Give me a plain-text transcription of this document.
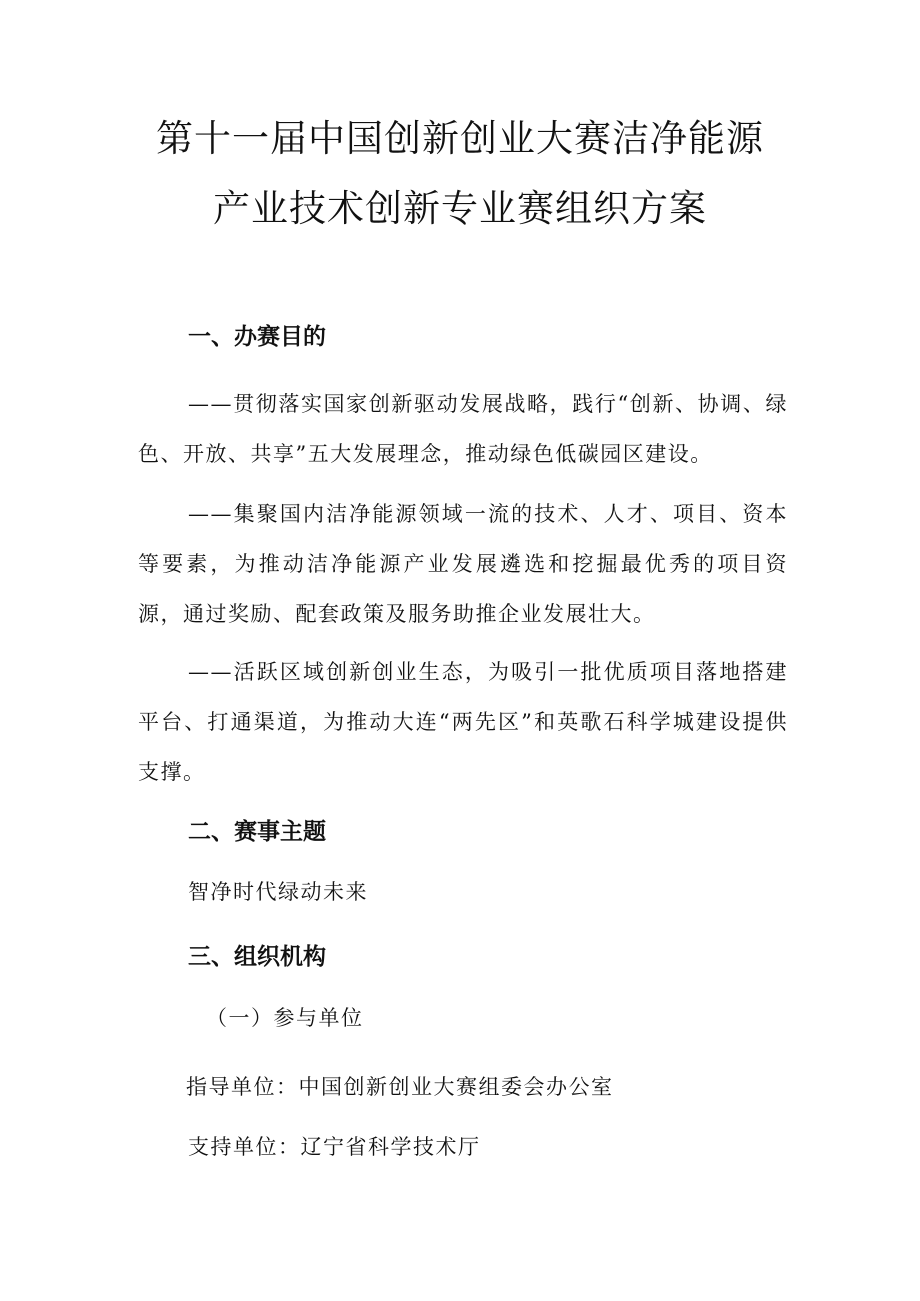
第十一届中国创新创业大赛洁净能源
产业技术创新专业赛组织方案
一、办赛目的

——贯彻落实国家创新驱动发展战略，践行“创新、协调、绿色、开放、共享”五大发展理念，推动绿色低碳园区建设。

——集聚国内洁净能源领域一流的技术、人才、项目、资本等要素，为推动洁净能源产业发展遴选和挖掘最优秀的项目资源，通过奖励、配套政策及服务助推企业发展壮大。

——活跃区域创新创业生态，为吸引一批优质项目落地搭建平台、打通渠道，为推动大连“两先区”和英歌石科学城建设提供支撑。

二、赛事主题

智净时代绿动未来

三、组织机构

（一）参与单位

指导单位：中国创新创业大赛组委会办公室

支持单位：辽宁省科学技术厅
